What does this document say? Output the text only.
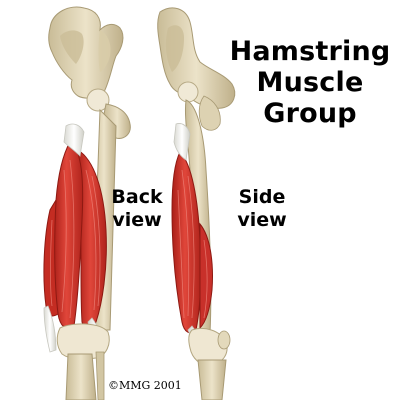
Hamstring
Muscle
Group
Back
view
Side
view
©MMG 2001
